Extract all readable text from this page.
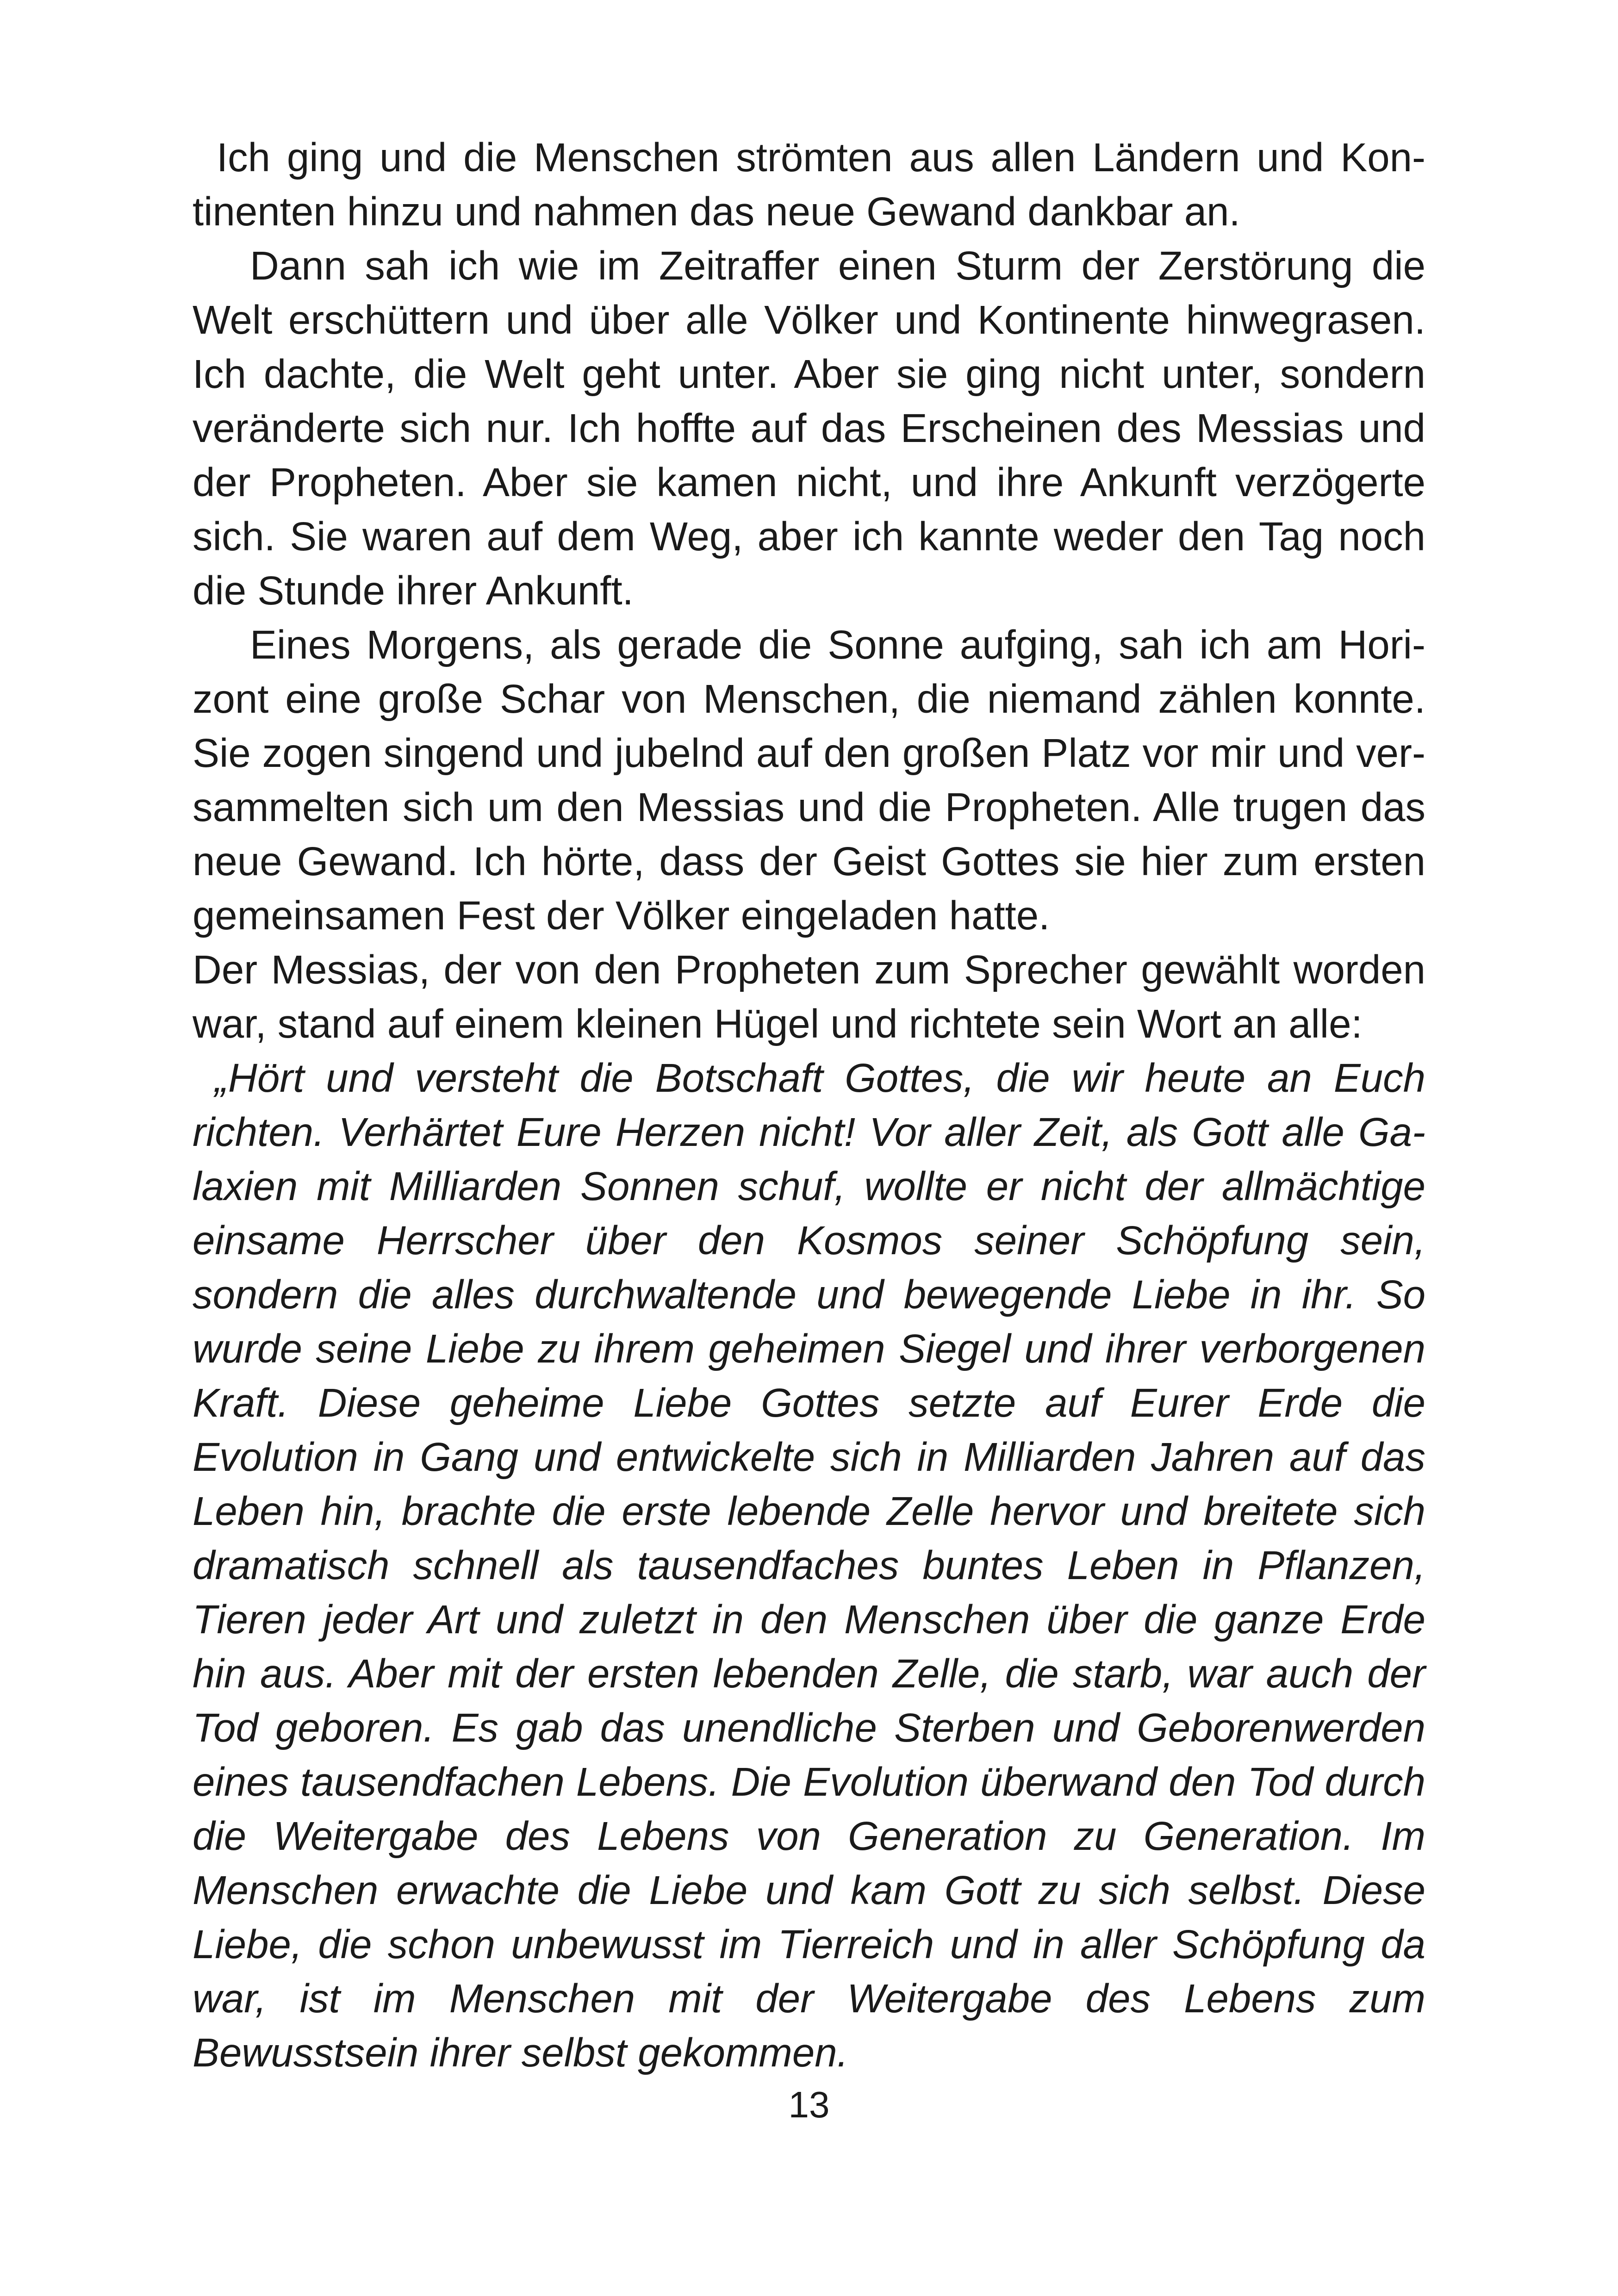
Ich ging und die Menschen strömten aus allen Ländern und Kontinenten hinzu und nahmen das neue Gewand dankbar an.

Dann sah ich wie im Zeitraffer einen Sturm der Zerstörung die Welt erschüttern und über alle Völker und Kontinente hinwegrasen. Ich dachte, die Welt geht unter. Aber sie ging nicht unter, sondern veränderte sich nur. Ich hoffte auf das Erscheinen des Messias und der Propheten. Aber sie kamen nicht, und ihre Ankunft verzögerte sich. Sie waren auf dem Weg, aber ich kannte weder den Tag noch die Stunde ihrer Ankunft.

Eines Morgens, als gerade die Sonne aufging, sah ich am Horizont eine große Schar von Menschen, die niemand zählen konnte. Sie zogen singend und jubelnd auf den großen Platz vor mir und versammelten sich um den Messias und die Propheten. Alle trugen das neue Gewand. Ich hörte, dass der Geist Gottes sie hier zum ersten gemeinsamen Fest der Völker eingeladen hatte.

Der Messias, der von den Propheten zum Sprecher gewählt worden war, stand auf einem kleinen Hügel und richtete sein Wort an alle:

„Hört und versteht die Botschaft Gottes, die wir heute an Euch richten. Verhärtet Eure Herzen nicht! Vor aller Zeit, als Gott alle Galaxien mit Milliarden Sonnen schuf, wollte er nicht der allmächtige einsame Herrscher über den Kosmos seiner Schöpfung sein, sondern die alles durchwaltende und bewegende Liebe in ihr. So wurde seine Liebe zu ihrem geheimen Siegel und ihrer verborgenen Kraft. Diese geheime Liebe Gottes setzte auf Eurer Erde die Evolution in Gang und entwickelte sich in Milliarden Jahren auf das Leben hin, brachte die erste lebende Zelle hervor und breitete sich dramatisch schnell als tausendfaches buntes Leben in Pflanzen, Tieren jeder Art und zuletzt in den Menschen über die ganze Erde hin aus. Aber mit der ersten lebenden Zelle, die starb, war auch der Tod geboren. Es gab das unendliche Sterben und Geborenwerden eines tausendfachen Lebens. Die Evolution überwand den Tod durch die Weitergabe des Lebens von Generation zu Generation. Im Menschen erwachte die Liebe und kam Gott zu sich selbst. Diese Liebe, die schon unbewusst im Tierreich und in aller Schöpfung da war, ist im Menschen mit der Weitergabe des Lebens zum Bewusstsein ihrer selbst gekommen.

13
